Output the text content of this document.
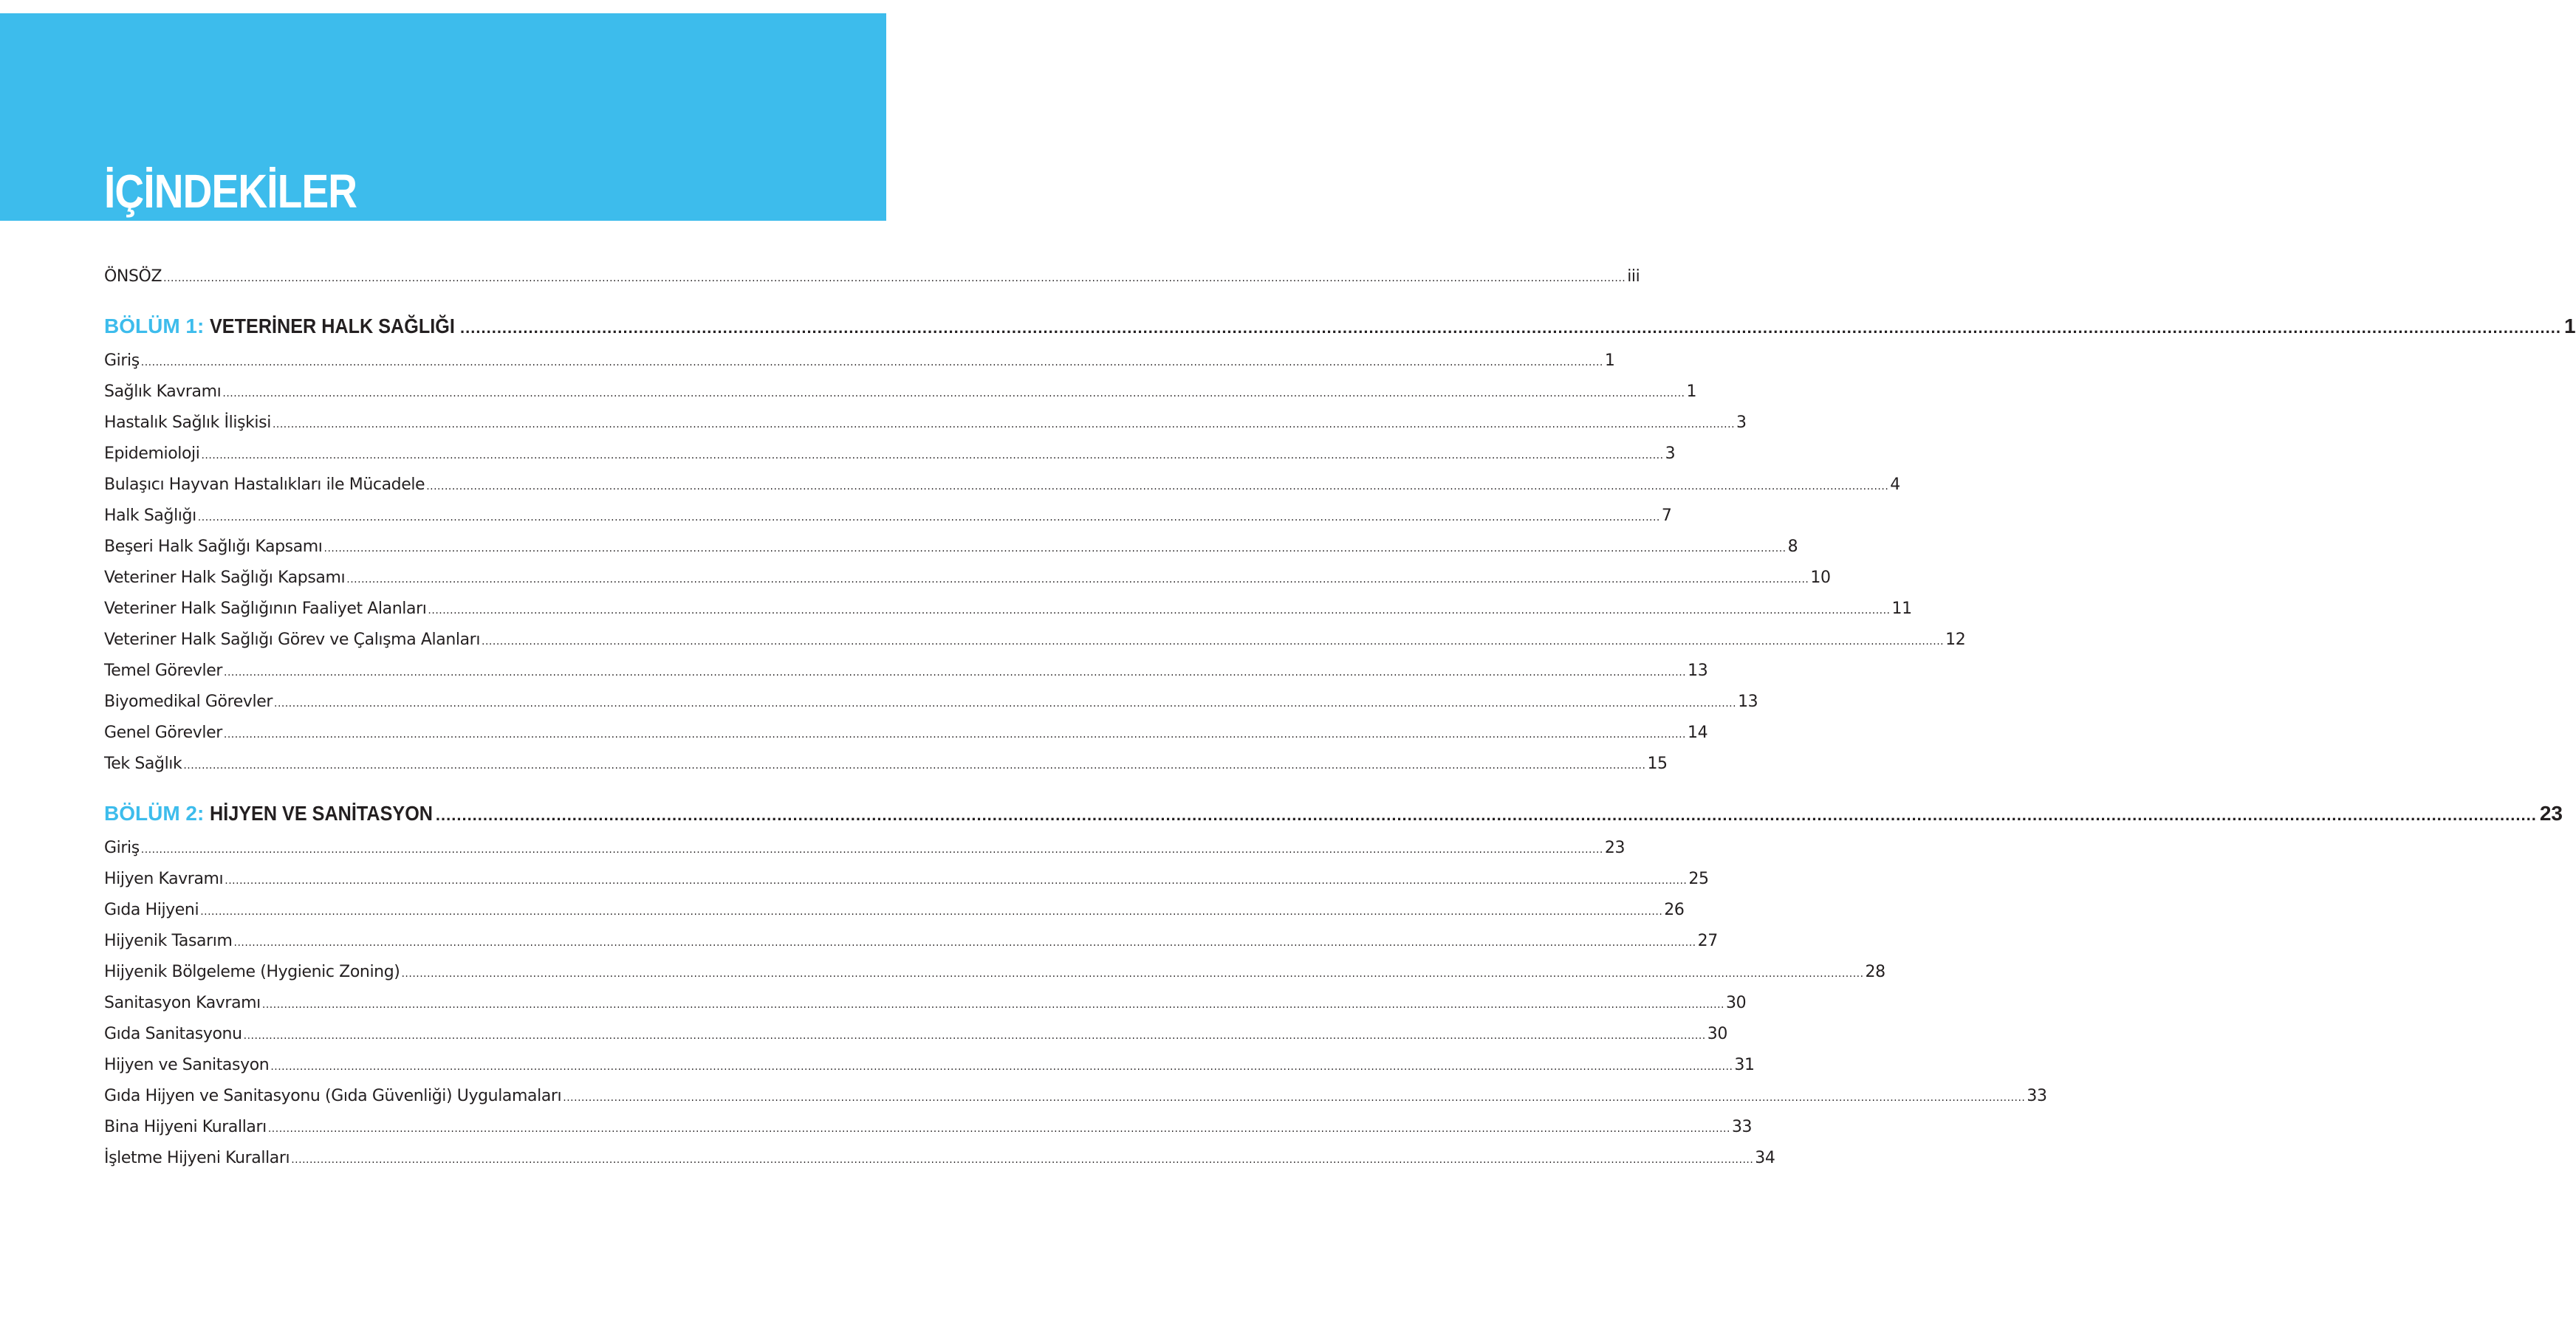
İÇİNDEKİLER
ÖNSÖZ ................................................................................................................................................................................................................................................................................................................................................................................................................ iii
BÖLÜM 1: VETERİNER HALK SAĞLIĞI ................................................................................................................................................................................................................................................................................................................................................................................................................ 1
Giriş ................................................................................................................................................................................................................................................................................................................................................................................................................ 1
Sağlık Kavramı ................................................................................................................................................................................................................................................................................................................................................................................................................ 1
Hastalık Sağlık İlişkisi ................................................................................................................................................................................................................................................................................................................................................................................................................ 3
Epidemioloji ................................................................................................................................................................................................................................................................................................................................................................................................................ 3
Bulaşıcı Hayvan Hastalıkları ile Mücadele ................................................................................................................................................................................................................................................................................................................................................................................................................ 4
Halk Sağlığı ................................................................................................................................................................................................................................................................................................................................................................................................................ 7
Beşeri Halk Sağlığı Kapsamı ................................................................................................................................................................................................................................................................................................................................................................................................................ 8
Veteriner Halk Sağlığı Kapsamı ................................................................................................................................................................................................................................................................................................................................................................................................................ 10
Veteriner Halk Sağlığının Faaliyet Alanları ................................................................................................................................................................................................................................................................................................................................................................................................................ 11
Veteriner Halk Sağlığı Görev ve Çalışma Alanları ................................................................................................................................................................................................................................................................................................................................................................................................................ 12
Temel Görevler ................................................................................................................................................................................................................................................................................................................................................................................................................ 13
Biyomedikal Görevler ................................................................................................................................................................................................................................................................................................................................................................................................................ 13
Genel Görevler ................................................................................................................................................................................................................................................................................................................................................................................................................ 14
Tek Sağlık ................................................................................................................................................................................................................................................................................................................................................................................................................ 15
BÖLÜM 2: HİJYEN VE SANİTASYON ................................................................................................................................................................................................................................................................................................................................................................................................................ 23
Giriş ................................................................................................................................................................................................................................................................................................................................................................................................................ 23
Hijyen Kavramı ................................................................................................................................................................................................................................................................................................................................................................................................................ 25
Gıda Hijyeni ................................................................................................................................................................................................................................................................................................................................................................................................................ 26
Hijyenik Tasarım ................................................................................................................................................................................................................................................................................................................................................................................................................ 27
Hijyenik Bölgeleme (Hygienic Zoning) ................................................................................................................................................................................................................................................................................................................................................................................................................ 28
Sanitasyon Kavramı ................................................................................................................................................................................................................................................................................................................................................................................................................ 30
Gıda Sanitasyonu ................................................................................................................................................................................................................................................................................................................................................................................................................ 30
Hijyen ve Sanitasyon ................................................................................................................................................................................................................................................................................................................................................................................................................ 31
Gıda Hijyen ve Sanitasyonu (Gıda Güvenliği) Uygulamaları ................................................................................................................................................................................................................................................................................................................................................................................................................ 33
Bina Hijyeni Kuralları ................................................................................................................................................................................................................................................................................................................................................................................................................ 33
İşletme Hijyeni Kuralları ................................................................................................................................................................................................................................................................................................................................................................................................................ 34
